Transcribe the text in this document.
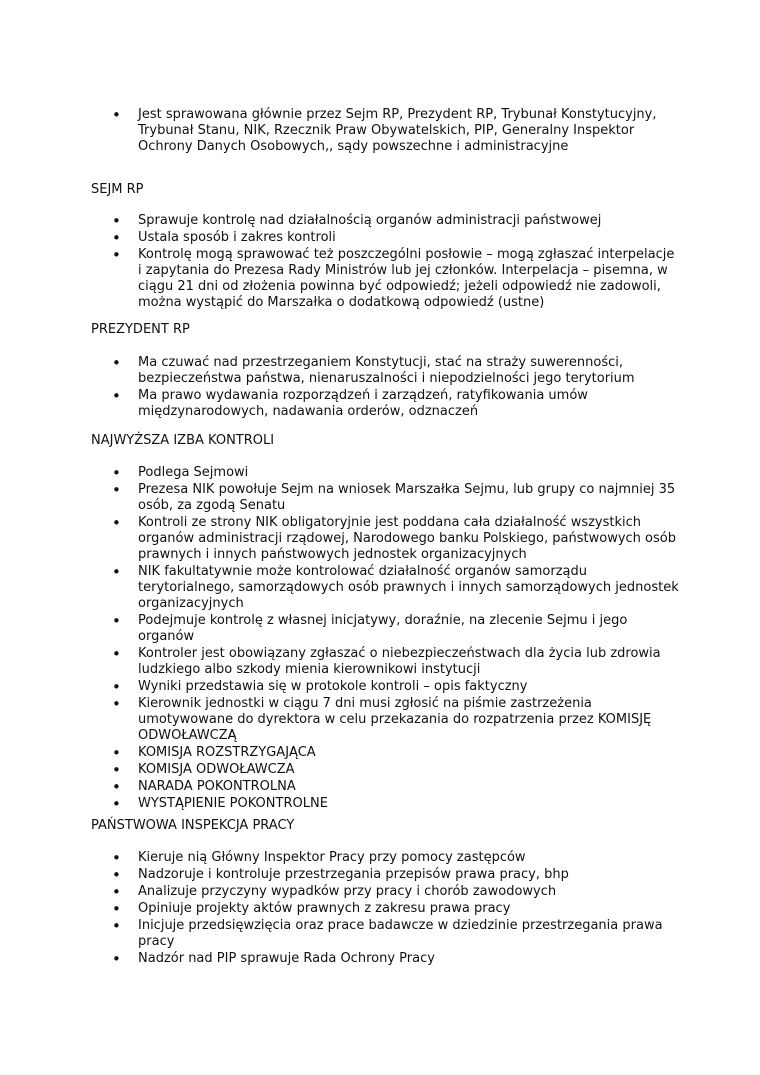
• Jest sprawowana głównie przez Sejm RP, Prezydent RP, Trybunał Konstytucyjny, Trybunał Stanu, NIK, Rzecznik Praw Obywatelskich, PIP, Generalny Inspektor Ochrony Danych Osobowych,, sądy powszechne i administracyjne
SEJM RP
• Sprawuje kontrolę nad działalnością organów administracji państwowej
• Ustala sposób i zakres kontroli
• Kontrolę mogą sprawować też poszczególni posłowie – mogą zgłaszać interpelacje i zapytania do Prezesa Rady Ministrów lub jej członków. Interpelacja – pisemna, w ciągu 21 dni od złożenia powinna być odpowiedź; jeżeli odpowiedź nie zadowoli, można wystąpić do Marszałka o dodatkową odpowiedź (ustne)
PREZYDENT RP
• Ma czuwać nad przestrzeganiem Konstytucji, stać na straży suwerenności, bezpieczeństwa państwa, nienaruszalności i niepodzielności jego terytorium
• Ma prawo wydawania rozporządzeń i zarządzeń, ratyfikowania umów międzynarodowych, nadawania orderów, odznaczeń
NAJWYŻSZA IZBA KONTROLI
• Podlega Sejmowi
• Prezesa NIK powołuje Sejm na wniosek Marszałka Sejmu, lub grupy co najmniej 35 osób, za zgodą Senatu
• Kontroli ze strony NIK obligatoryjnie jest poddana cała działalność wszystkich organów administracji rządowej, Narodowego banku Polskiego, państwowych osób prawnych i innych państwowych jednostek organizacyjnych
• NIK fakultatywnie może kontrolować działalność organów samorządu terytorialnego, samorządowych osób prawnych i innych samorządowych jednostek organizacyjnych
• Podejmuje kontrolę z własnej inicjatywy, doraźnie, na zlecenie Sejmu i jego organów
• Kontroler jest obowiązany zgłaszać o niebezpieczeństwach dla życia lub zdrowia ludzkiego albo szkody mienia kierownikowi instytucji
• Wyniki przedstawia się w protokole kontroli – opis faktyczny
• Kierownik jednostki w ciągu 7 dni musi zgłosić na piśmie zastrzeżenia umotywowane do dyrektora w celu przekazania do rozpatrzenia przez KOMISJĘ ODWOŁAWCZĄ
• KOMISJA ROZSTRZYGAJĄCA
• KOMISJA ODWOŁAWCZA
• NARADA POKONTROLNA
• WYSTĄPIENIE POKONTROLNE
PAŃSTWOWA INSPEKCJA PRACY
• Kieruje nią Główny Inspektor Pracy przy pomocy zastępców
• Nadzoruje i kontroluje przestrzegania przepisów prawa pracy, bhp
• Analizuje przyczyny wypadków przy pracy i chorób zawodowych
• Opiniuje projekty aktów prawnych z zakresu prawa pracy
• Inicjuje przedsięwzięcia oraz prace badawcze w dziedzinie przestrzegania prawa pracy
• Nadzór nad PIP sprawuje Rada Ochrony Pracy
